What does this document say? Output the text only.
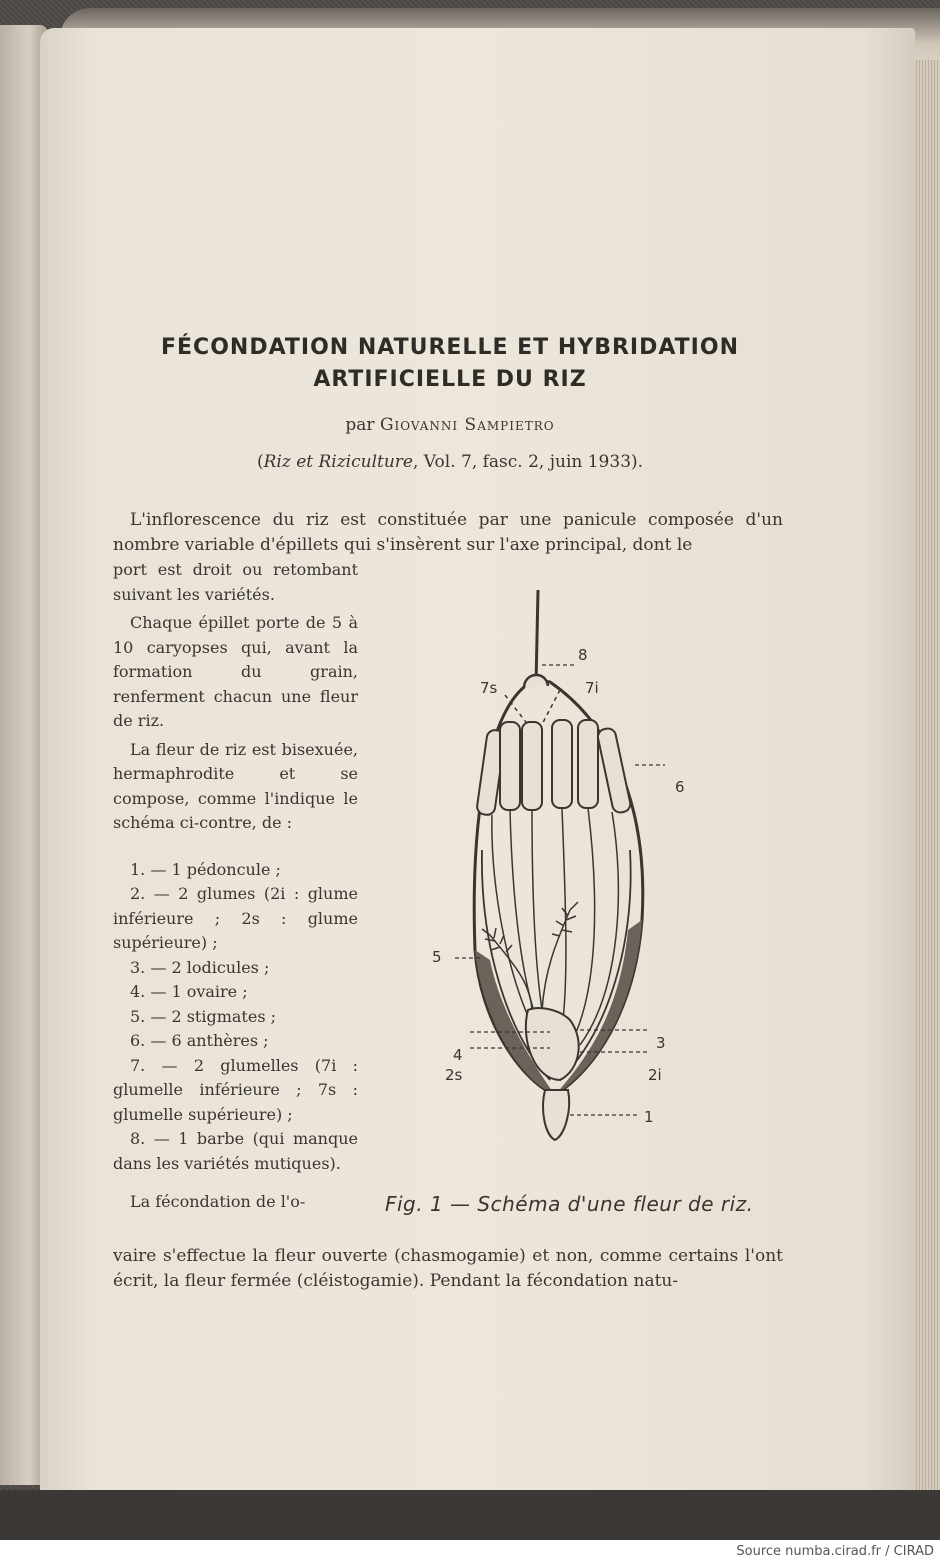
FÉCONDATION NATURELLE ET HYBRIDATION
ARTIFICIELLE DU RIZ
par Giovanni Sampietro
(Riz et Riziculture, Vol. 7, fasc. 2, juin 1933).

L'inflorescence du riz est constituée par une panicule composée d'un nombre variable d'épillets qui s'insèrent sur l'axe principal, dont le

port est droit ou retombant suivant les variétés.

Chaque épillet porte de 5 à 10 caryopses qui, avant la formation du grain, renferment chacun une fleur de riz.

La fleur de riz est bisexuée, hermaphrodite et se compose, comme l'indique le schéma ci-contre, de :

1. — 1 pédoncule ;

2. — 2 glumes (2i : glume inférieure ; 2s : glume supérieure) ;

3. — 2 lodicules ;

4. — 1 ovaire ;

5. — 2 stigmates ;

6. — 6 anthères ;

7. — 2 glumelles (7i : glumelle inférieure ; 7s : glumelle supérieure) ;

8. — 1 barbe (qui manque dans les variétés mutiques).

La fécondation de l'o-

vaire s'effectue la fleur ouverte (chasmogamie) et non, comme certains l'ont écrit, la fleur fermée (cléistogamie). Pendant la fécondation natu-

8
7s	7i
6
5
4
2s
3
2i
1
Fig. 1 — Schéma d'une fleur de riz.
Source numba.cirad.fr / CIRAD
